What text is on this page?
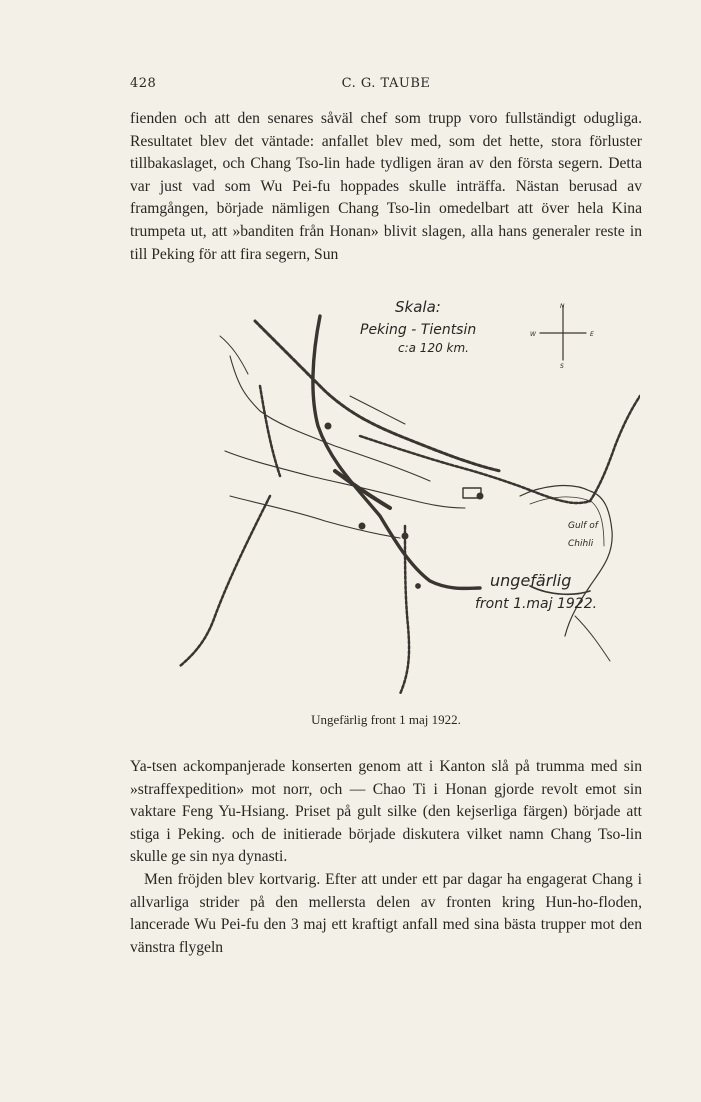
428	C. G. TAUBE

fienden och att den senares såväl chef som trupp voro fullständigt odugliga. Resultatet blev det väntade: anfallet blev med, som det hette, stora förluster tillbakaslaget, och Chang Tso-lin hade tydligen äran av den första segern. Detta var just vad som Wu Pei-fu hoppades skulle inträffa. Nästan berusad av framgången, började nämligen Chang Tso-lin omedelbart att över hela Kina trumpeta ut, att »banditen från Honan» blivit slagen, alla hans generaler reste in till Peking för att fira segern, Sun

Skala:
Peking - Tientsin
c:a 120 km.
N
S
E
W
ungefärlig
front 1.maj 1922.
Gulf of
Chihli
Ungefärlig front 1 maj 1922.

Ya-tsen ackompanjerade konserten genom att i Kanton slå på trumma med sin »straffexpedition» mot norr, och — Chao Ti i Honan gjorde revolt emot sin vaktare Feng Yu-Hsiang. Priset på gult silke (den kejserliga färgen) började att stiga i Peking. och de initierade började diskutera vilket namn Chang Tso-lin skulle ge sin nya dynasti.

Men fröjden blev kortvarig. Efter att under ett par dagar ha engagerat Chang i allvarliga strider på den mellersta delen av fronten kring Hun-ho-floden, lancerade Wu Pei-fu den 3 maj ett kraftigt anfall med sina bästa trupper mot den vänstra flygeln
